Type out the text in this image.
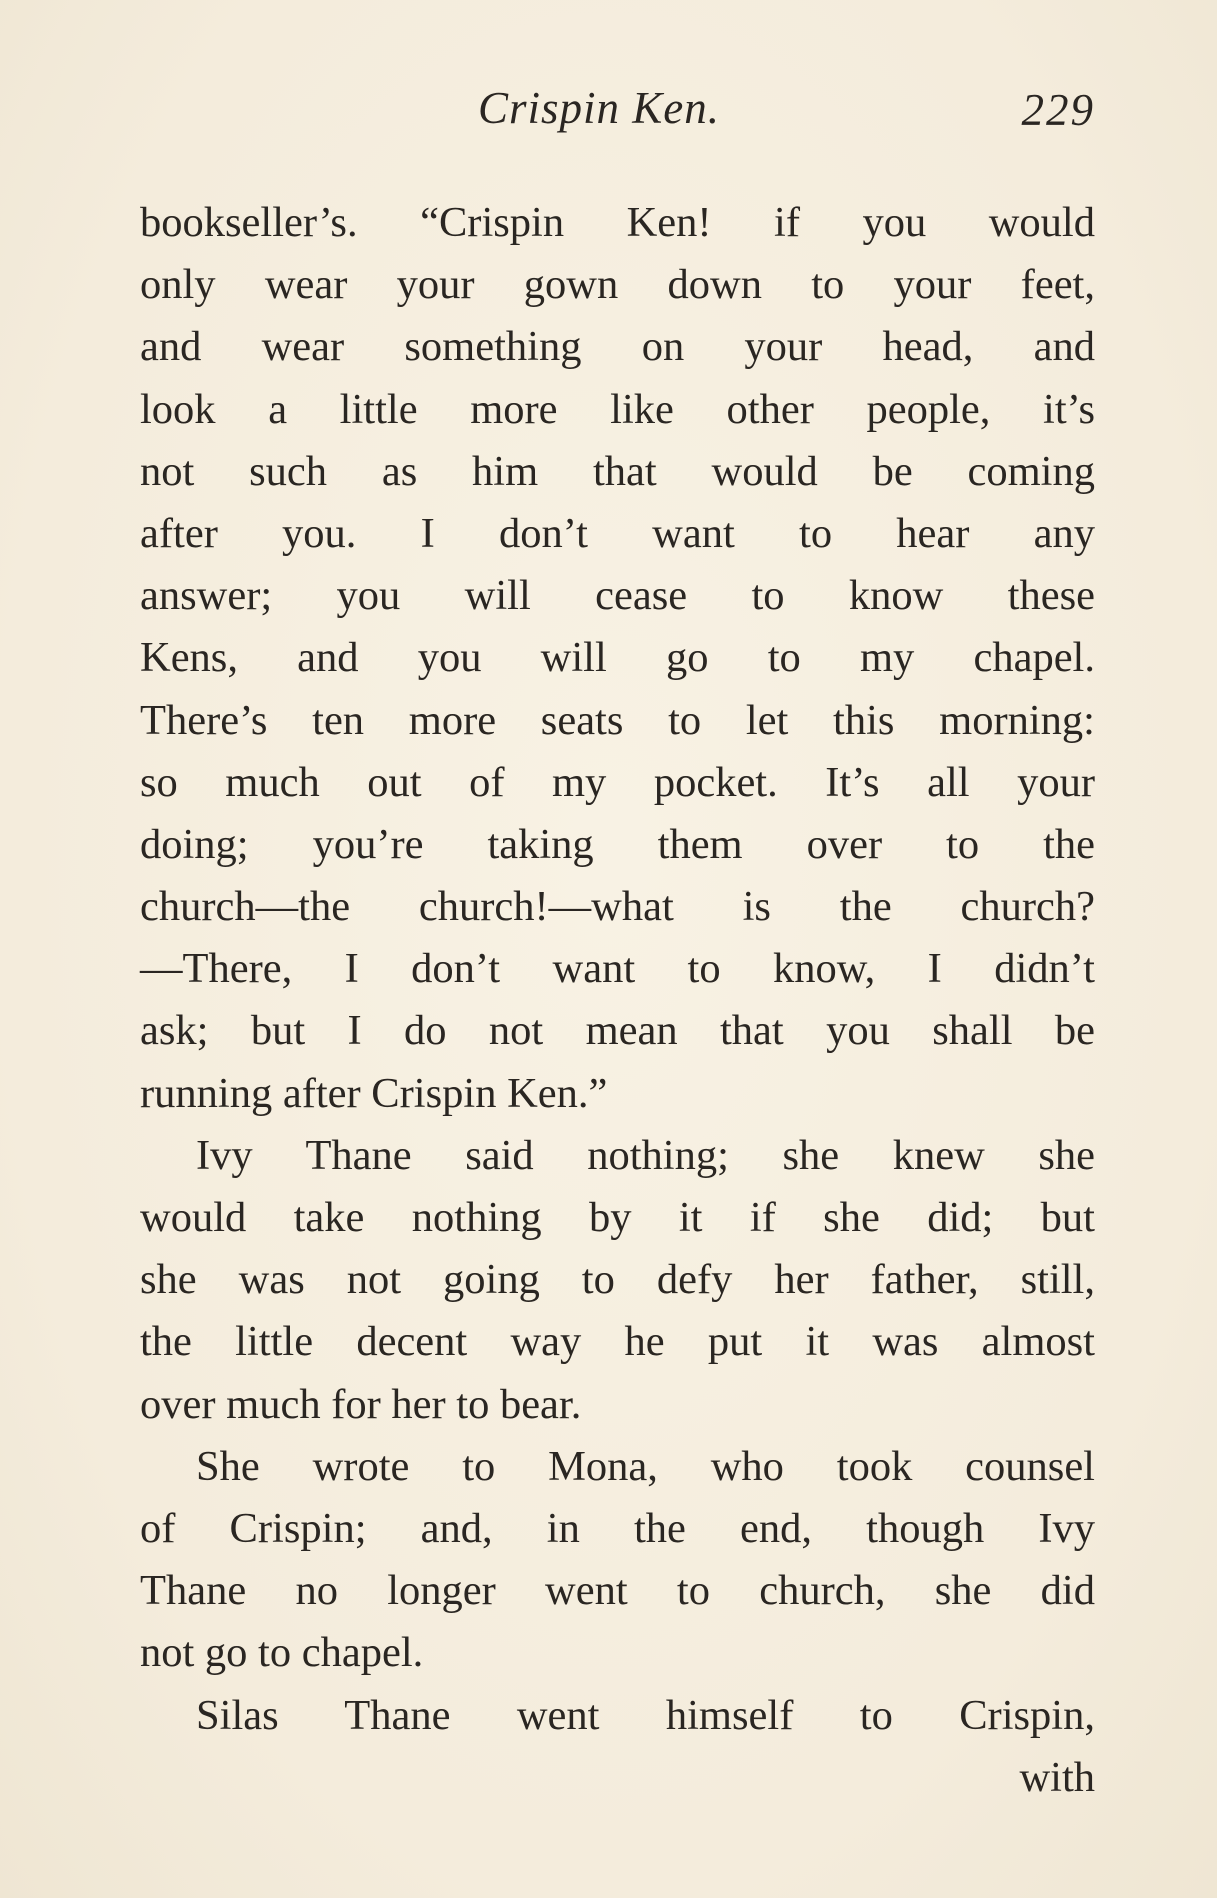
Crispin Ken.	229
bookseller’s. “Crispin Ken! if you would
only wear your gown down to your feet,
and wear something on your head, and
look a little more like other people, it’s
not such as him that would be coming
after you. I don’t want to hear any
answer; you will cease to know these
Kens, and you will go to my chapel.
There’s ten more seats to let this morning:
so much out of my pocket. It’s all your
doing; you’re taking them over to the
church—the church!—what is the church?
—There, I don’t want to know, I didn’t
ask; but I do not mean that you shall be
running after Crispin Ken.”
Ivy Thane said nothing; she knew she
would take nothing by it if she did; but
she was not going to defy her father, still,
the little decent way he put it was almost
over much for her to bear.
She wrote to Mona, who took counsel
of Crispin; and, in the end, though Ivy
Thane no longer went to church, she did
not go to chapel.
Silas Thane went himself to Crispin,
with
